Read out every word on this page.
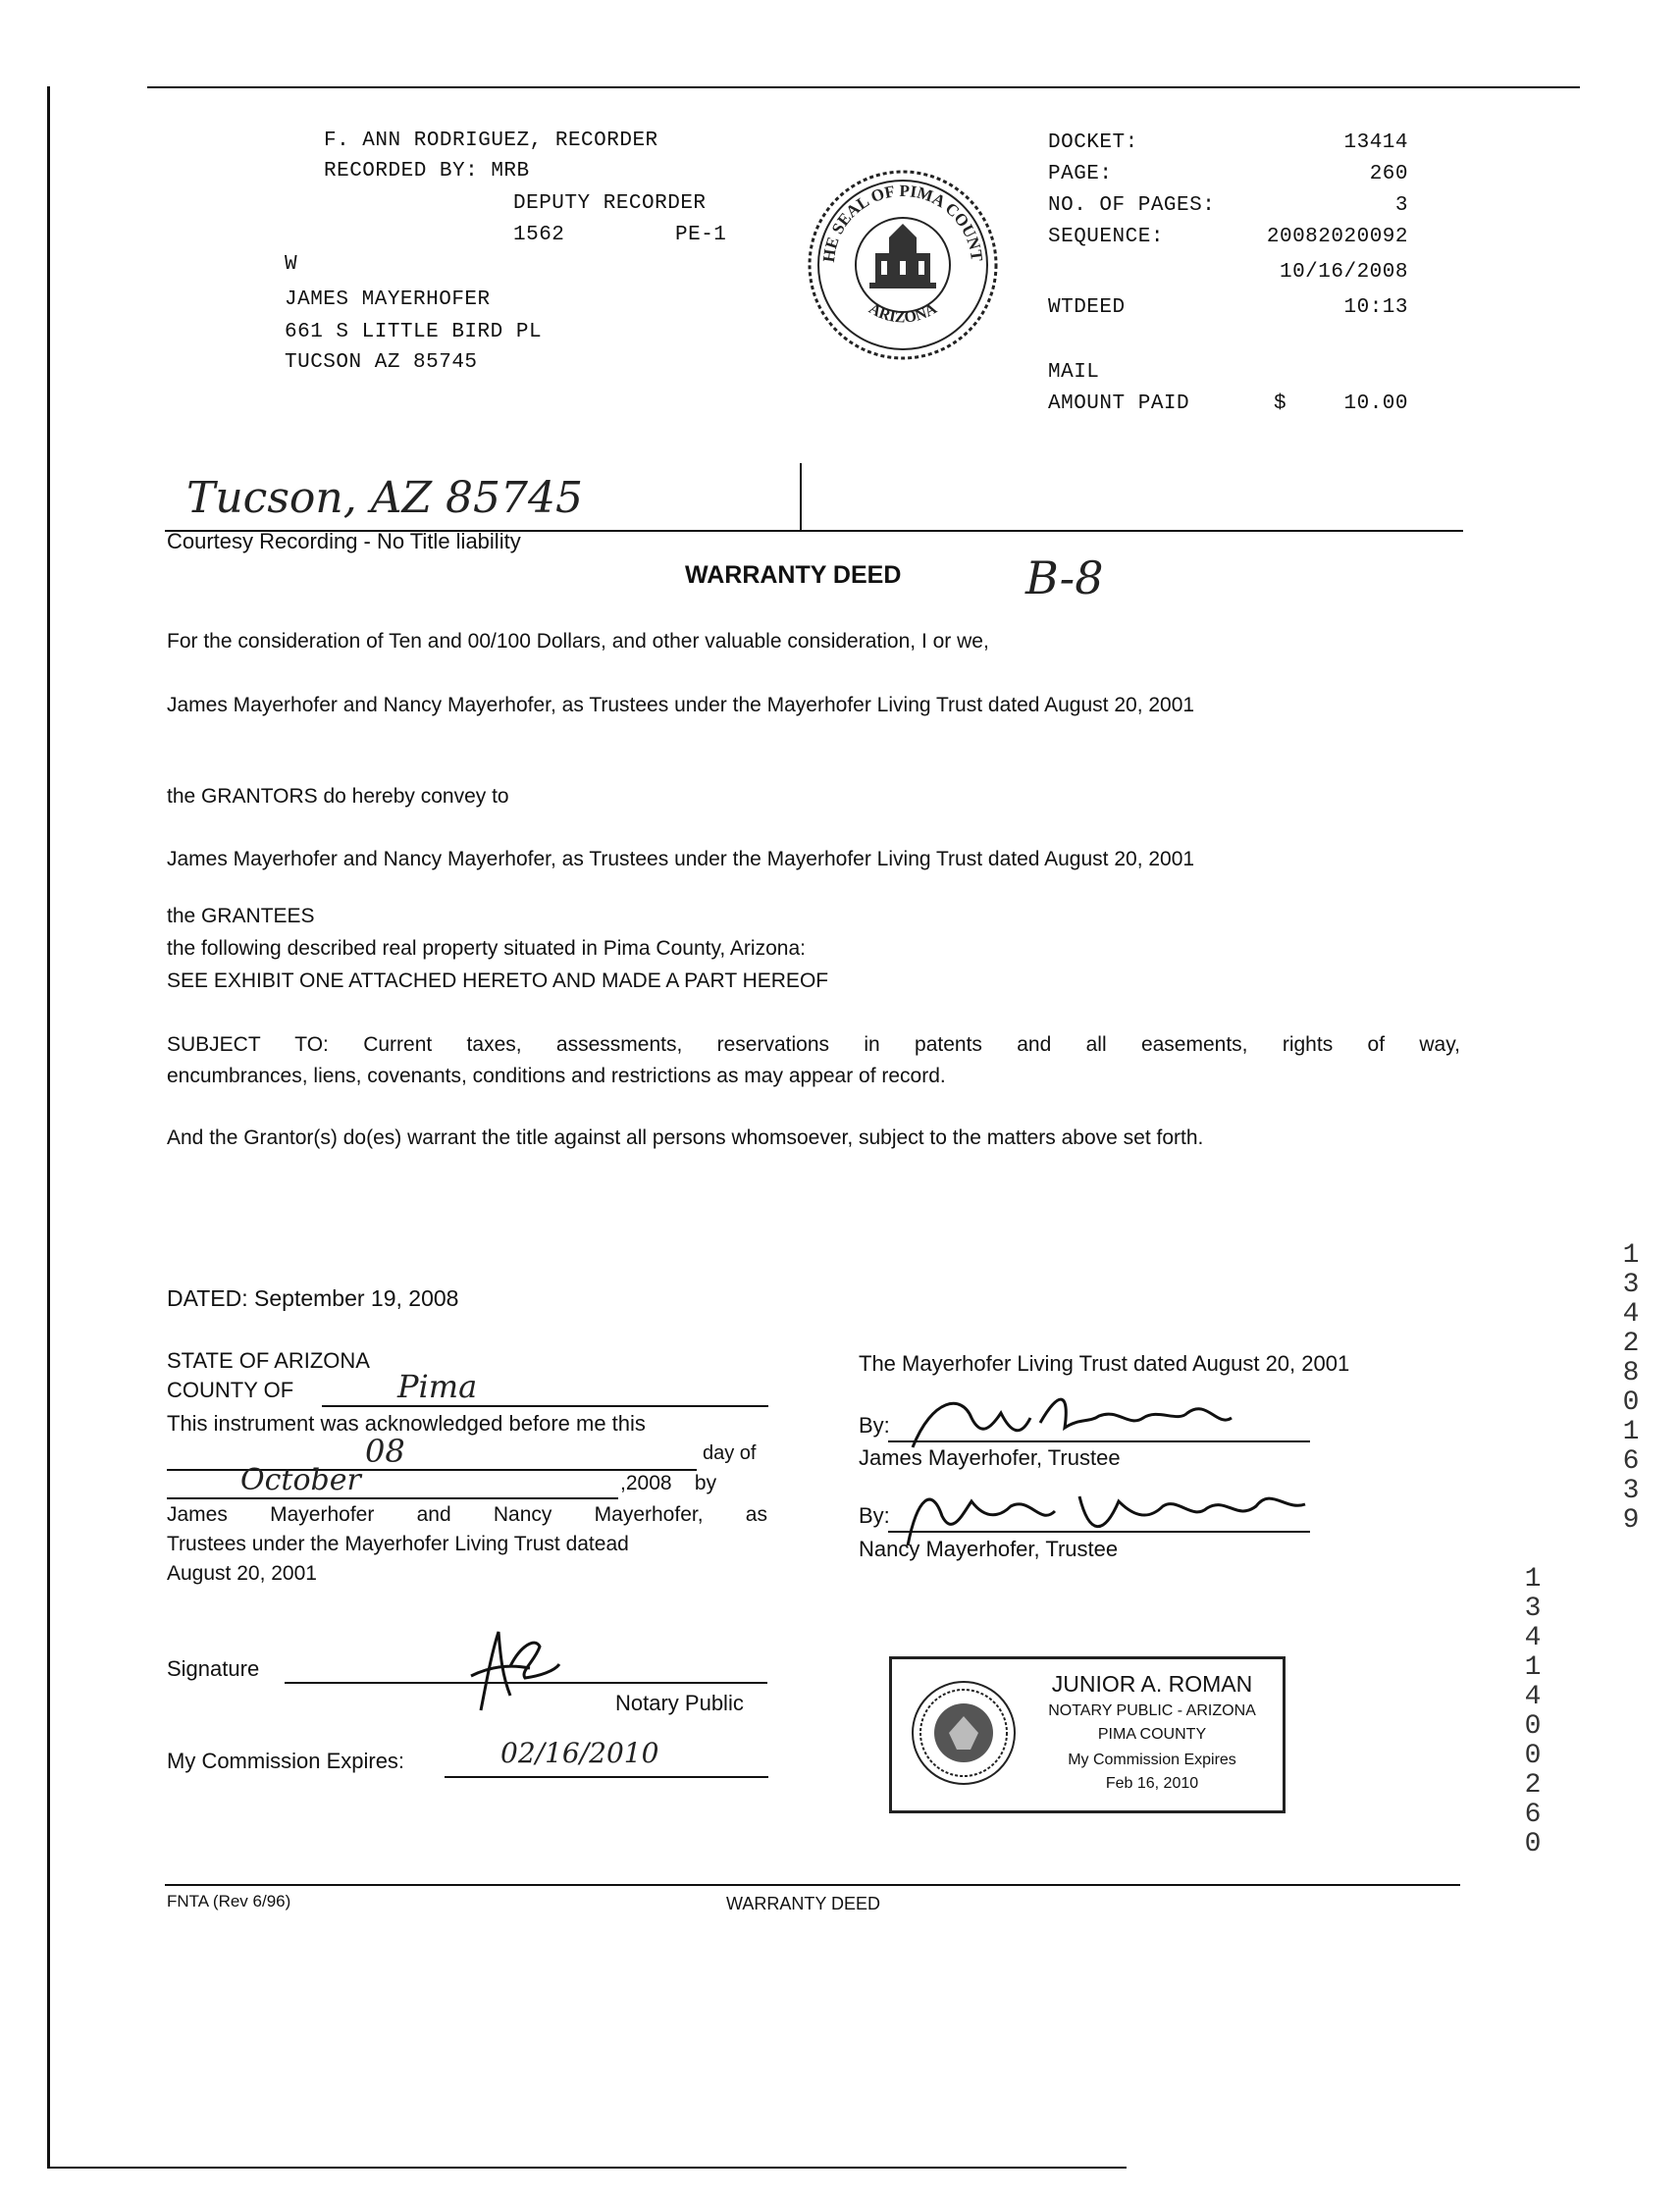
F. ANN RODRIGUEZ, RECORDER
RECORDED BY: MRB
DEPUTY RECORDER
1562	PE-1
W
JAMES MAYERHOFER
661 S LITTLE BIRD PL
TUCSON AZ 85745
HE SEAL OF PIMA COUNT
ARIZONA
DOCKET:	13414
PAGE:	260
NO. OF PAGES:	3
SEQUENCE:	20082020092
10/16/2008
WTDEED	10:13
MAIL
AMOUNT PAID	$	10.00
Tucson, AZ 85745
Courtesy Recording - No Title liability
WARRANTY DEED	B-8
For the consideration of Ten and 00/100 Dollars, and other valuable consideration, I or we,
James Mayerhofer and Nancy Mayerhofer, as Trustees under the Mayerhofer Living Trust dated August 20, 2001
the GRANTORS do hereby convey to
James Mayerhofer and Nancy Mayerhofer, as Trustees under the Mayerhofer Living Trust dated August 20, 2001
the GRANTEES
the following described real property situated in Pima County, Arizona:
SEE EXHIBIT ONE ATTACHED HERETO AND MADE A PART HEREOF
SUBJECT TO: Current taxes, assessments, reservations in patents and all easements, rights of way,
encumbrances, liens, covenants, conditions and restrictions as may appear of record.
And the Grantor(s) do(es) warrant the title against all persons whomsoever, subject to the matters above set forth.
DATED: September 19, 2008
STATE OF ARIZONA
COUNTY OF	Pima
This instrument was acknowledged before me this
08	day of
October	,2008    by
James Mayerhofer and Nancy Mayerhofer, as
Trustees under the Mayerhofer Living Trust datead
August 20, 2001
Signature
Notary Public
My Commission Expires:	02/16/2010
The Mayerhofer Living Trust dated August 20, 2001
By:
James Mayerhofer, Trustee
By:
Nancy Mayerhofer, Trustee
JUNIOR A. ROMAN
NOTARY PUBLIC - ARIZONA
PIMA COUNTY
My Commission Expires
Feb 16, 2010
13428 01639
13414 00260
FNTA (Rev 6/96)	WARRANTY DEED
